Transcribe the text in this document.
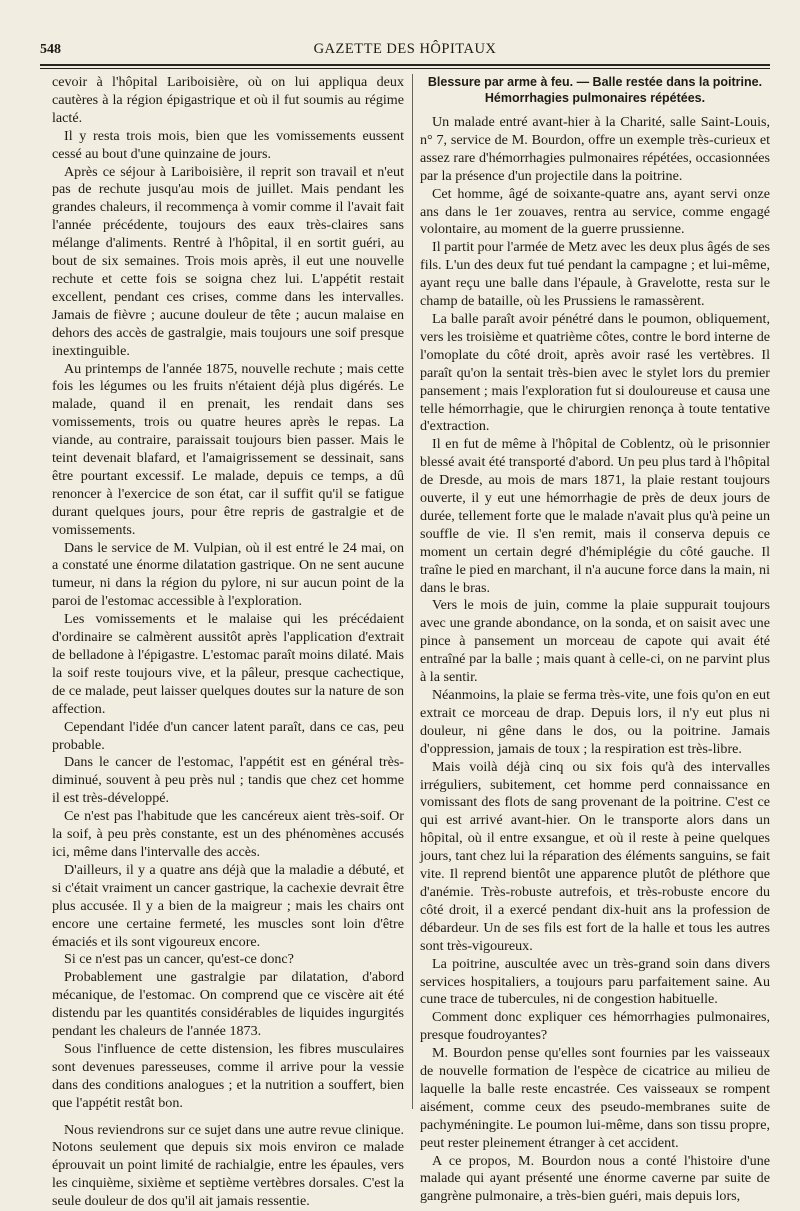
548	GAZETTE DES HÔPITAUX

cevoir à l'hôpital Lariboisière, où on lui appliqua deux cautères à la région épigastrique et où il fut soumis au régime lacté.

Il y resta trois mois, bien que les vomissements eussent cessé au bout d'une quinzaine de jours.

Après ce séjour à Lariboisière, il reprit son travail et n'eut pas de rechute jusqu'au mois de juillet. Mais pendant les grandes chaleurs, il recommença à vomir comme il l'avait fait l'année précédente, toujours des eaux très-claires sans mélange d'aliments. Rentré à l'hôpital, il en sortit guéri, au bout de six semaines. Trois mois après, il eut une nouvelle rechute et cette fois se soigna chez lui. L'appétit restait excellent, pendant ces crises, comme dans les intervalles. Jamais de fièvre ; aucune douleur de tête ; aucun malaise en dehors des accès de gastralgie, mais toujours une soif presque inextinguible.

Au printemps de l'année 1875, nouvelle rechute ; mais cette fois les légumes ou les fruits n'étaient déjà plus digérés. Le malade, quand il en prenait, les rendait dans ses vomissements, trois ou quatre heures après le repas. La viande, au contraire, paraissait toujours bien passer. Mais le teint devenait blafard, et l'amaigrissement se dessinait, sans être pourtant excessif. Le malade, depuis ce temps, a dû renoncer à l'exercice de son état, car il suffit qu'il se fatigue durant quelques jours, pour être repris de gastralgie et de vomissements.

Dans le service de M. Vulpian, où il est entré le 24 mai, on a constaté une énorme dilatation gastrique. On ne sent aucune tumeur, ni dans la région du pylore, ni sur aucun point de la paroi de l'estomac accessible à l'exploration.

Les vomissements et le malaise qui les précédaient d'ordinaire se calmèrent aussitôt après l'application d'extrait de belladone à l'épigastre. L'estomac paraît moins dilaté. Mais la soif reste toujours vive, et la pâleur, presque cachectique, de ce malade, peut laisser quelques doutes sur la nature de son affection.

Cependant l'idée d'un cancer latent paraît, dans ce cas, peu probable.

Dans le cancer de l'estomac, l'appétit est en général très-diminué, souvent à peu près nul ; tandis que chez cet homme il est très-développé.

Ce n'est pas l'habitude que les cancéreux aient très-soif. Or la soif, à peu près constante, est un des phénomènes accusés ici, même dans l'intervalle des accès.

D'ailleurs, il y a quatre ans déjà que la maladie a débuté, et si c'était vraiment un cancer gastrique, la cachexie devrait être plus accusée. Il y a bien de la maigreur ; mais les chairs ont encore une certaine fermeté, les muscles sont loin d'être émaciés et ils sont vigoureux encore.

Si ce n'est pas un cancer, qu'est-ce donc?

Probablement une gastralgie par dilatation, d'abord mécanique, de l'estomac. On comprend que ce viscère ait été distendu par les quantités considérables de liquides ingurgités pendant les chaleurs de l'année 1873.

Sous l'influence de cette distension, les fibres musculaires sont devenues paresseuses, comme il arrive pour la vessie dans des conditions analogues ; et la nutrition a souffert, bien que l'appétit restât bon.

Nous reviendrons sur ce sujet dans une autre revue clinique. Notons seulement que depuis six mois environ ce malade éprouvait un point limité de rachialgie, entre les épaules, vers les cinquième, sixième et septième vertèbres dorsales. C'est la seule douleur de dos qu'il ait jamais ressentie.

Blessure par arme à feu. — Balle restée dans la poitrine.
Hémorrhagies pulmonaires répétées.

Un malade entré avant-hier à la Charité, salle Saint-Louis, n° 7, service de M. Bourdon, offre un exemple très-curieux et assez rare d'hémorrhagies pulmonaires répétées, occasionnées par la présence d'un projectile dans la poitrine.

Cet homme, âgé de soixante-quatre ans, ayant servi onze ans dans le 1er zouaves, rentra au service, comme engagé volontaire, au moment de la guerre prussienne.

Il partit pour l'armée de Metz avec les deux plus âgés de ses fils. L'un des deux fut tué pendant la campagne ; et lui-même, ayant reçu une balle dans l'épaule, à Gravelotte, resta sur le champ de bataille, où les Prussiens le ramassèrent.

La balle paraît avoir pénétré dans le poumon, obliquement, vers les troisième et quatrième côtes, contre le bord interne de l'omoplate du côté droit, après avoir rasé les vertèbres. Il paraît qu'on la sentait très-bien avec le stylet lors du premier pansement ; mais l'exploration fut si douloureuse et causa une telle hémorrhagie, que le chirurgien renonça à toute tentative d'extraction.

Il en fut de même à l'hôpital de Coblentz, où le prisonnier blessé avait été transporté d'abord. Un peu plus tard à l'hôpital de Dresde, au mois de mars 1871, la plaie restant toujours ouverte, il y eut une hémorrhagie de près de deux jours de durée, tellement forte que le malade n'avait plus qu'à peine un souffle de vie. Il s'en remit, mais il conserva depuis ce moment un certain degré d'hémiplégie du côté gauche. Il traîne le pied en marchant, il n'a aucune force dans la main, ni dans le bras.

Vers le mois de juin, comme la plaie suppurait toujours avec une grande abondance, on la sonda, et on saisit avec une pince à pansement un morceau de capote qui avait été entraîné par la balle ; mais quant à celle-ci, on ne parvint plus à la sentir.

Néanmoins, la plaie se ferma très-vite, une fois qu'on en eut extrait ce morceau de drap. Depuis lors, il n'y eut plus ni douleur, ni gêne dans le dos, ou la poitrine. Jamais d'oppression, jamais de toux ; la respiration est très-libre.

Mais voilà déjà cinq ou six fois qu'à des intervalles irréguliers, subitement, cet homme perd connaissance en vomissant des flots de sang provenant de la poitrine. C'est ce qui est arrivé avant-hier. On le transporte alors dans un hôpital, où il entre exsangue, et où il reste à peine quelques jours, tant chez lui la réparation des éléments sanguins, se fait vite. Il reprend bientôt une apparence plutôt de pléthore que d'anémie. Très-robuste autrefois, et très-robuste encore du côté droit, il a exercé pendant dix-huit ans la profession de débardeur. Un de ses fils est fort de la halle et tous les autres sont très-vigoureux.

La poitrine, auscultée avec un très-grand soin dans divers services hospitaliers, a toujours paru parfaitement saine. Au cune trace de tubercules, ni de congestion habituelle.

Comment donc expliquer ces hémorrhagies pulmonaires, presque foudroyantes?

M. Bourdon pense qu'elles sont fournies par les vaisseaux de nouvelle formation de l'espèce de cicatrice au milieu de laquelle la balle reste encastrée. Ces vaisseaux se rompent aisément, comme ceux des pseudo-membranes suite de pachyméningite. Le poumon lui-même, dans son tissu propre, peut rester pleinement étranger à cet accident.

A ce propos, M. Bourdon nous a conté l'histoire d'une malade qui ayant présenté une énorme caverne par suite de gangrène pulmonaire, a très-bien guéri, mais depuis lors,
